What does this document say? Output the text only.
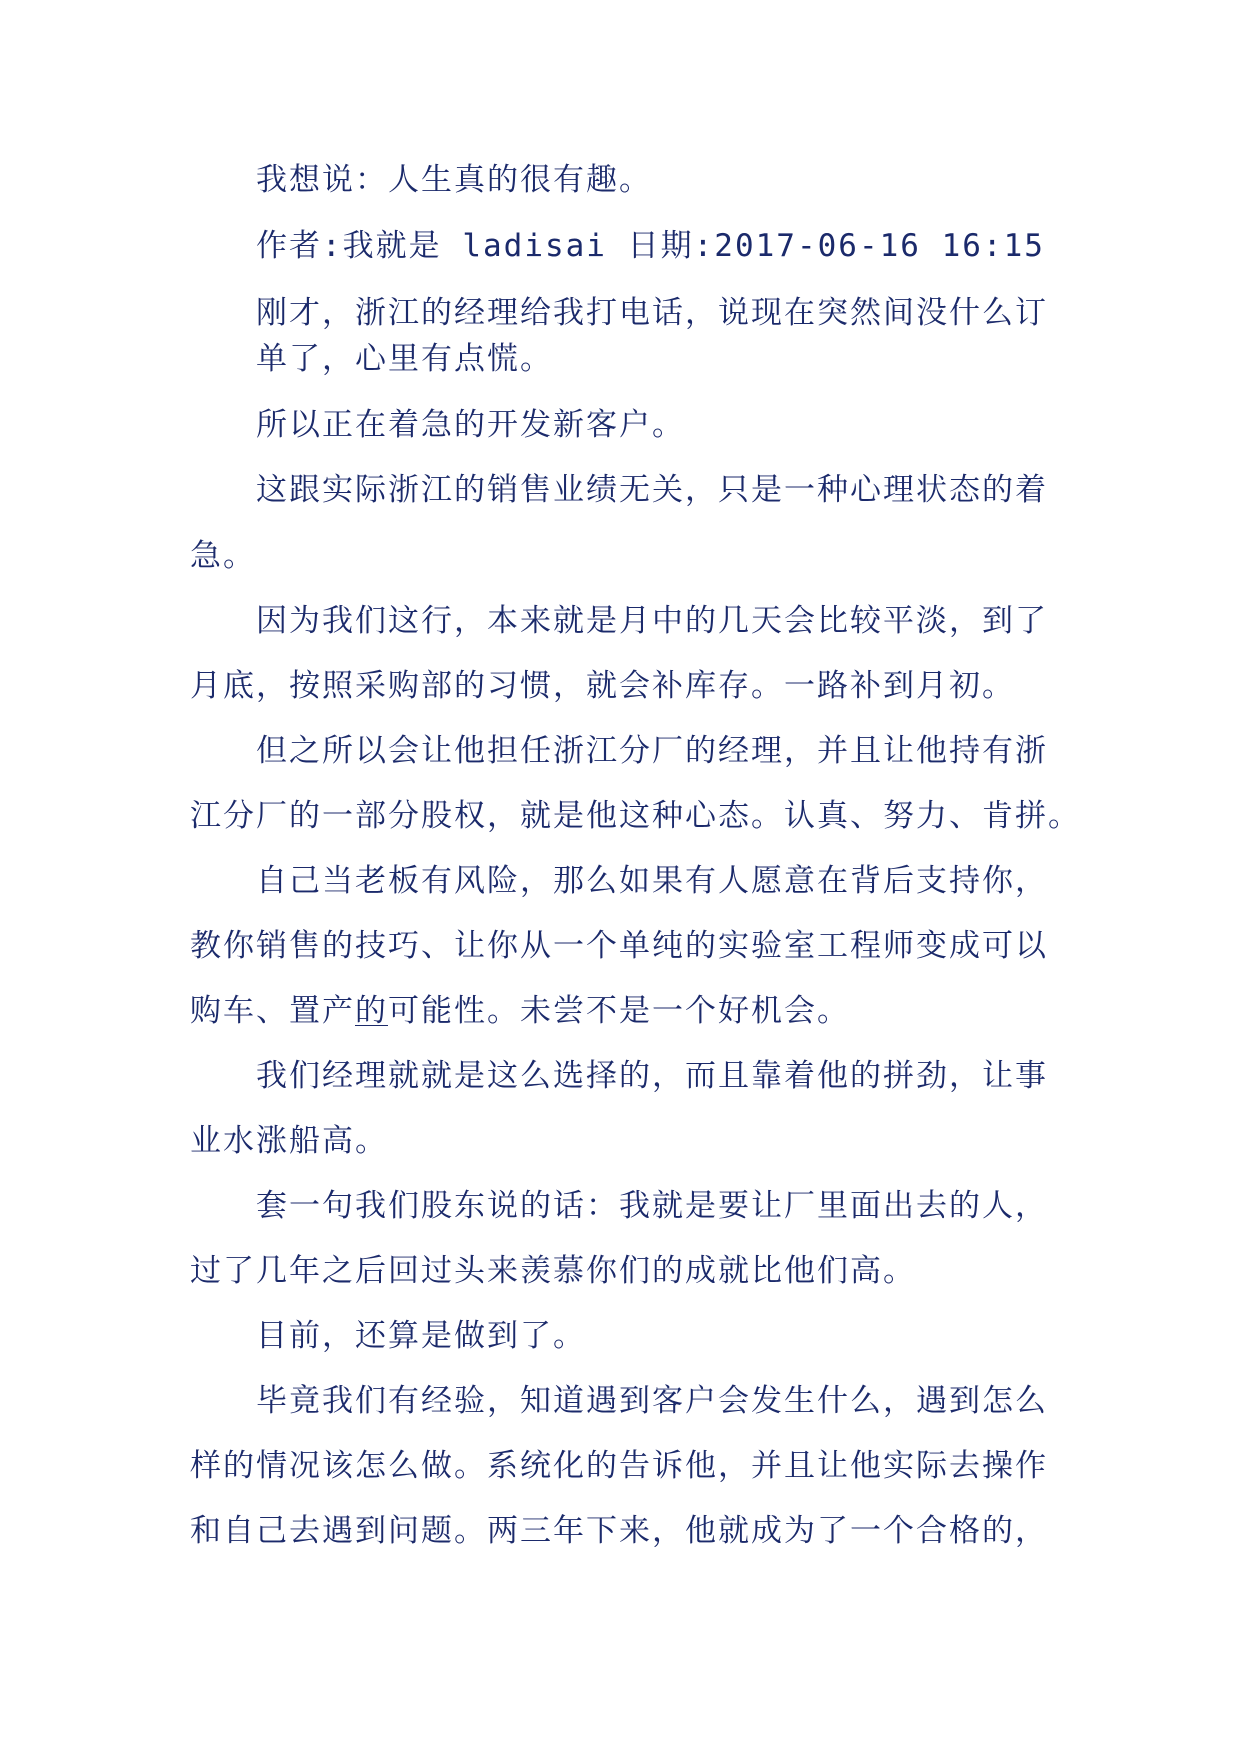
我想说：人生真的很有趣。

作者:我就是 ladisai 日期:2017-06-16 16:15

刚才，浙江的经理给我打电话，说现在突然间没什么订

单了，心里有点慌。

所以正在着急的开发新客户。

这跟实际浙江的销售业绩无关，只是一种心理状态的着

急。

因为我们这行，本来就是月中的几天会比较平淡，到了

月底，按照采购部的习惯，就会补库存。一路补到月初。

但之所以会让他担任浙江分厂的经理，并且让他持有浙

江分厂的一部分股权，就是他这种心态。认真、努力、肯拼。

自己当老板有风险，那么如果有人愿意在背后支持你，

教你销售的技巧、让你从一个单纯的实验室工程师变成可以

购车、置产的可能性。未尝不是一个好机会。

我们经理就就是这么选择的，而且靠着他的拼劲，让事

业水涨船高。

套一句我们股东说的话：我就是要让厂里面出去的人，

过了几年之后回过头来羡慕你们的成就比他们高。

目前，还算是做到了。

毕竟我们有经验，知道遇到客户会发生什么，遇到怎么

样的情况该怎么做。系统化的告诉他，并且让他实际去操作

和自己去遇到问题。两三年下来，他就成为了一个合格的，
